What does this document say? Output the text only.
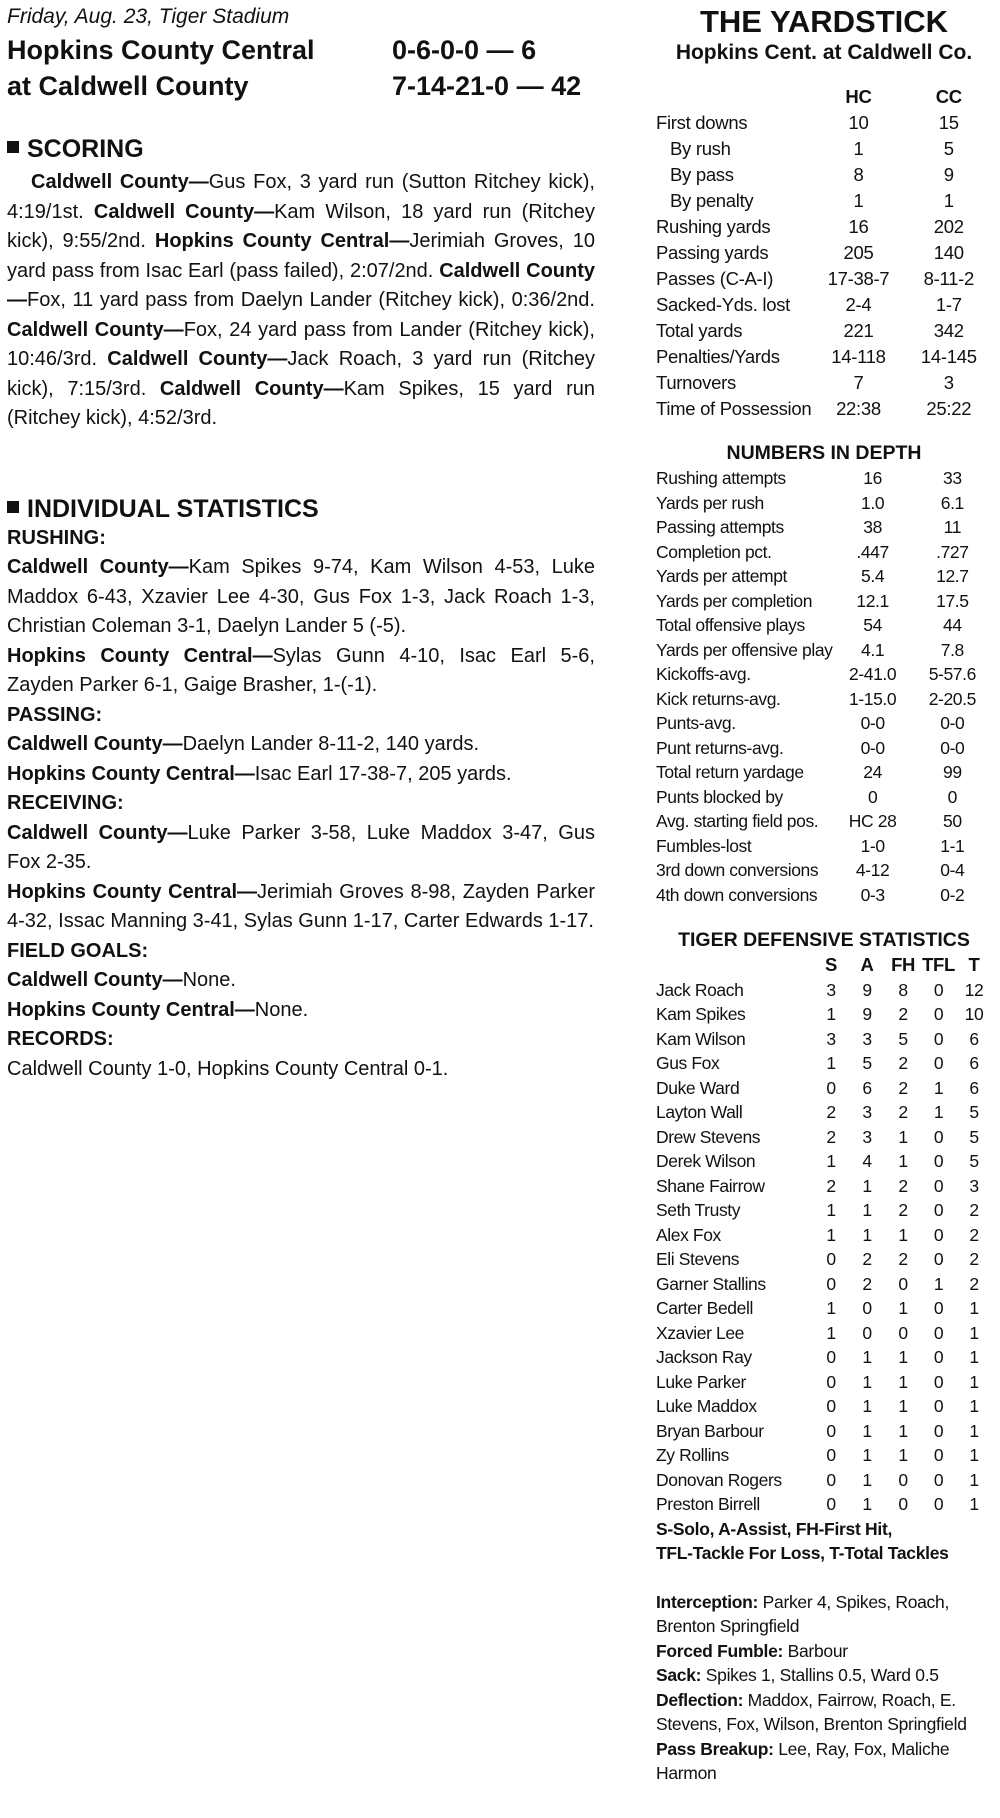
Friday, Aug. 23, Tiger Stadium
Hopkins County Central	0-6-0-0 — 6
at Caldwell County	7-14-21-0 — 42
SCORING

Caldwell County—Gus Fox, 3 yard run (Sutton Ritchey kick), 4:19/1st. Caldwell County—Kam Wilson, 18 yard run (Ritchey kick), 9:55/2nd. Hopkins County Central—Jerimiah Groves, 10 yard pass from Isac Earl (pass failed), 2:07/2nd. Caldwell County—Fox, 11 yard pass from Daelyn Lander (Ritchey kick), 0:36/2nd. Caldwell County—Fox, 24 yard pass from Lander (Ritchey kick), 10:46/3rd. Caldwell County—Jack Roach, 3 yard run (Ritchey kick), 7:15/3rd. Caldwell County—Kam Spikes, 15 yard run (Ritchey kick), 4:52/3rd.

INDIVIDUAL STATISTICS
RUSHING:

Caldwell County—Kam Spikes 9-74, Kam Wilson 4-53, Luke Maddox 6-43, Xzavier Lee 4-30, Gus Fox 1-3, Jack Roach 1-3, Christian Coleman 3-1, Daelyn Lander 5 (-5).

Hopkins County Central—Sylas Gunn 4-10, Isac Earl 5-6, Zayden Parker 6-1, Gaige Brasher, 1-(-1).

PASSING:

Caldwell County—Daelyn Lander 8-11-2, 140 yards.

Hopkins County Central—Isac Earl 17-38-7, 205 yards.

RECEIVING:

Caldwell County—Luke Parker 3-58, Luke Maddox 3-47, Gus Fox 2-35.

Hopkins County Central—Jerimiah Groves 8-98, Zayden Parker 4-32, Issac Manning 3-41, Sylas Gunn 1-17, Carter Edwards 1-17.

FIELD GOALS:

Caldwell County—None.

Hopkins County Central—None.

RECORDS:

Caldwell County 1-0, Hopkins County Central 0-1.

THE YARDSTICK
Hopkins Cent. at Caldwell Co.
	HC	CC
First downs	10	15
By rush	1	5
By pass	8	9
By penalty	1	1
Rushing yards	16	202
Passing yards	205	140
Passes (C-A-I)	17-38-7	8-11-2
Sacked-Yds. lost	2-4	1-7
Total yards	221	342
Penalties/Yards	14-118	14-145
Turnovers	7	3
Time of Possession	22:38	25:22
NUMBERS IN DEPTH
Rushing attempts	16	33
Yards per rush	1.0	6.1
Passing attempts	38	11
Completion pct.	.447	.727
Yards per attempt	5.4	12.7
Yards per completion	12.1	17.5
Total offensive plays	54	44
Yards per offensive play	4.1	7.8
Kickoffs-avg.	2-41.0	5-57.6
Kick returns-avg.	1-15.0	2-20.5
Punts-avg.	0-0	0-0
Punt returns-avg.	0-0	0-0
Total return yardage	24	99
Punts blocked by	0	0
Avg. starting field pos.	HC 28	50
Fumbles-lost	1-0	1-1
3rd down conversions	4-12	0-4
4th down conversions	0-3	0-2
TIGER DEFENSIVE STATISTICS
	S	A	FH	TFL	T
Jack Roach	3	9	8	0	12
Kam Spikes	1	9	2	0	10
Kam Wilson	3	3	5	0	6
Gus Fox	1	5	2	0	6
Duke Ward	0	6	2	1	6
Layton Wall	2	3	2	1	5
Drew Stevens	2	3	1	0	5
Derek Wilson	1	4	1	0	5
Shane Fairrow	2	1	2	0	3
Seth Trusty	1	1	2	0	2
Alex Fox	1	1	1	0	2
Eli Stevens	0	2	2	0	2
Garner Stallins	0	2	0	1	2
Carter Bedell	1	0	1	0	1
Xzavier Lee	1	0	0	0	1
Jackson Ray	0	1	1	0	1
Luke Parker	0	1	1	0	1
Luke Maddox	0	1	1	0	1
Bryan Barbour	0	1	1	0	1
Zy Rollins	0	1	1	0	1
Donovan Rogers	0	1	0	0	1
Preston Birrell	0	1	0	0	1
S-Solo, A-Assist, FH-First Hit,
TFL-Tackle For Loss, T-Total Tackles
Interception: Parker 4, Spikes, Roach, Brenton Springfield
Forced Fumble: Barbour
Sack: Spikes 1, Stallins 0.5, Ward 0.5
Deflection: Maddox, Fairrow, Roach, E. Stevens, Fox, Wilson, Brenton Springfield
Pass Breakup: Lee, Ray, Fox, Maliche Harmon
